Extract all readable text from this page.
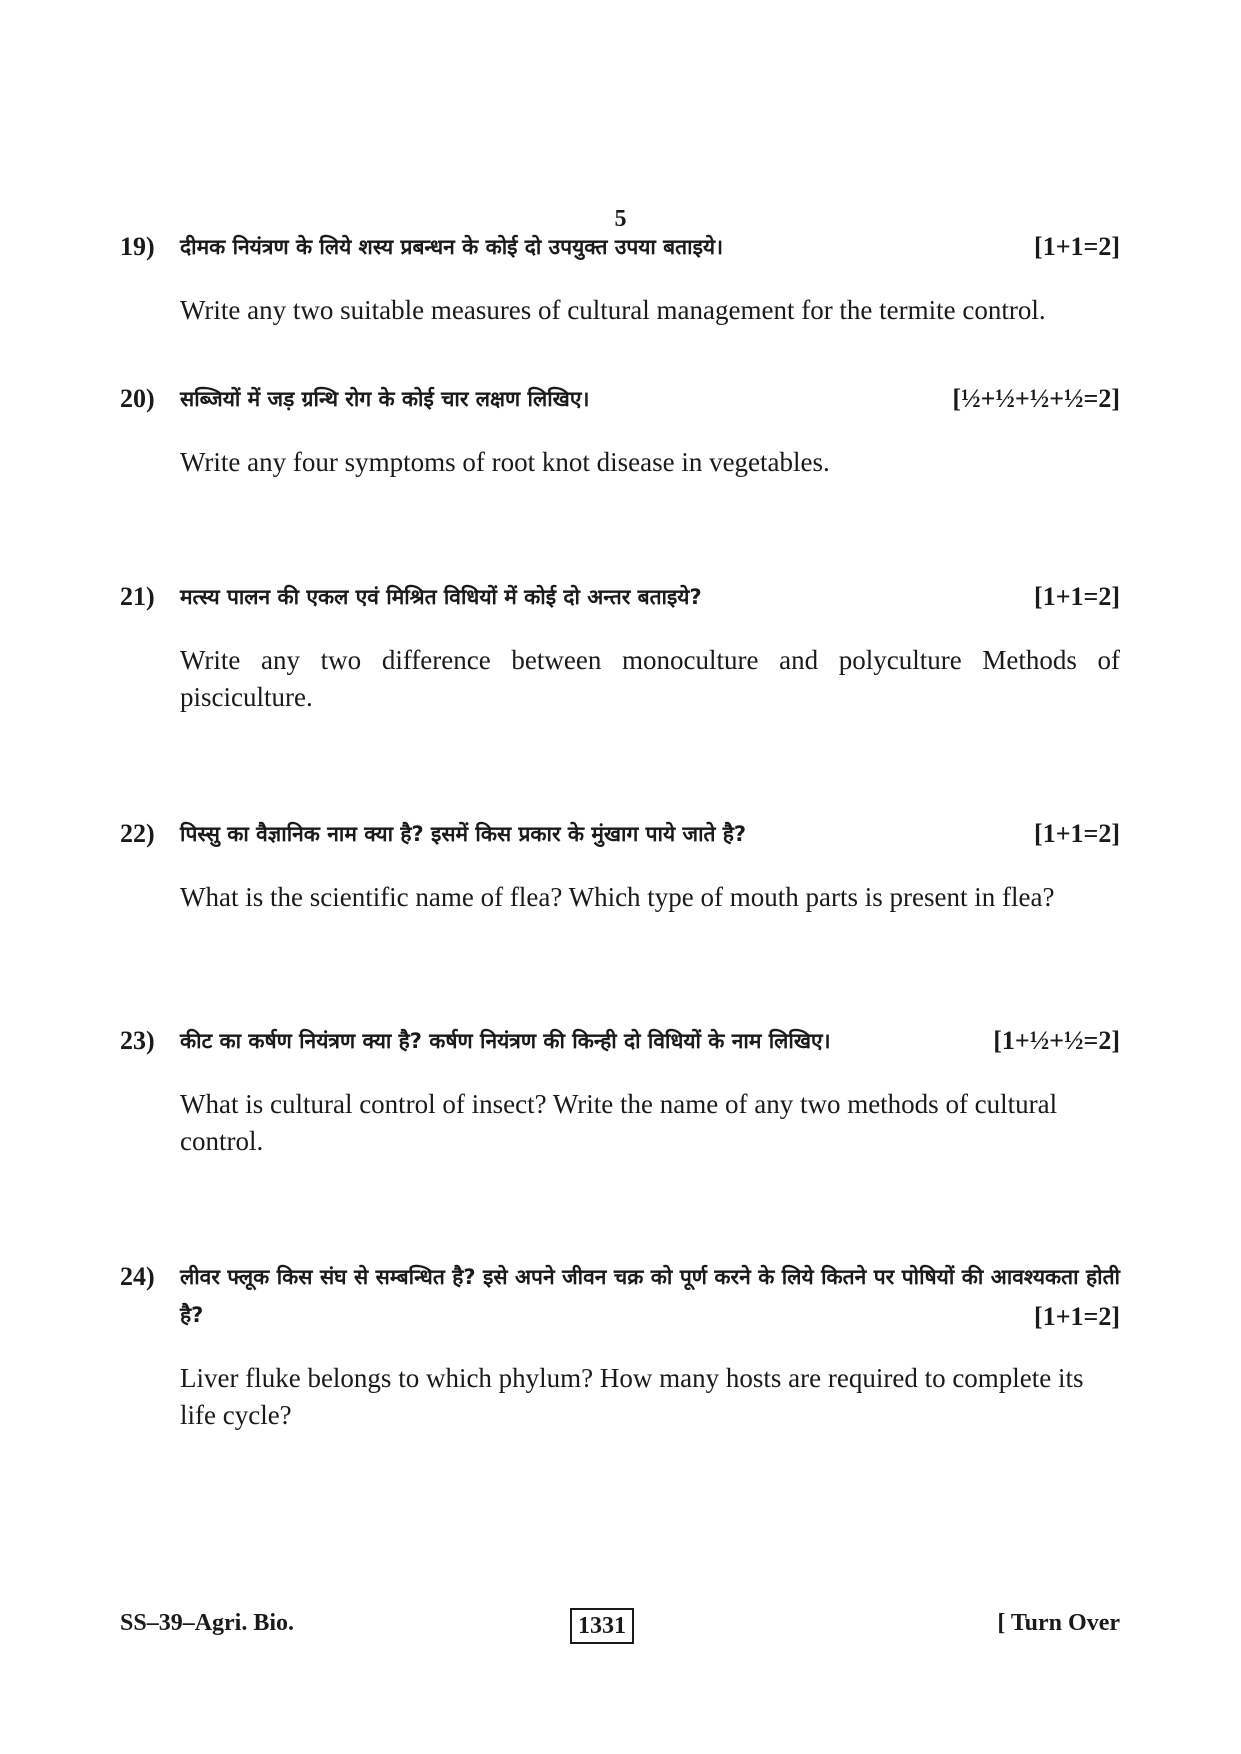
5
19) दीमक नियंत्रण के लिये शस्य प्रबन्धन के कोई दो उपयुक्त उपया बताइये।	[1+1=2]
Write any two suitable measures of cultural management for the termite control.
20) सब्जियों में जड़ ग्रन्थि रोग के कोई चार लक्षण लिखिए।	[½+½+½+½=2]
Write any four symptoms of root knot disease in vegetables.
21) मत्स्य पालन की एकल एवं मिश्रित विधियों में कोई दो अन्तर बताइये?	[1+1=2]
Write any two difference between monoculture and polyculture Methods of pisciculture.
22) पिस्सु का वैज्ञानिक नाम क्या है? इसमें किस प्रकार के मुंखाग पाये जाते है?	[1+1=2]
What is the scientific name of flea? Which type of mouth parts is present in flea?
23) कीट का कर्षण नियंत्रण क्या है? कर्षण नियंत्रण की किन्ही दो विधियों के नाम लिखिए।	[1+½+½=2]
What is cultural control of insect? Write the name of any two methods of cultural control.
24) लीवर फ्लूक किस संघ से सम्बन्धित है? इसे अपने जीवन चक्र को पूर्ण करने के लिये कितने पर पोषियों की आवश्यकता होती है?	[1+1=2]
Liver fluke belongs to which phylum? How many hosts are required to complete its life cycle?
SS–39–Agri. Bio.	1331	[ Turn Over
